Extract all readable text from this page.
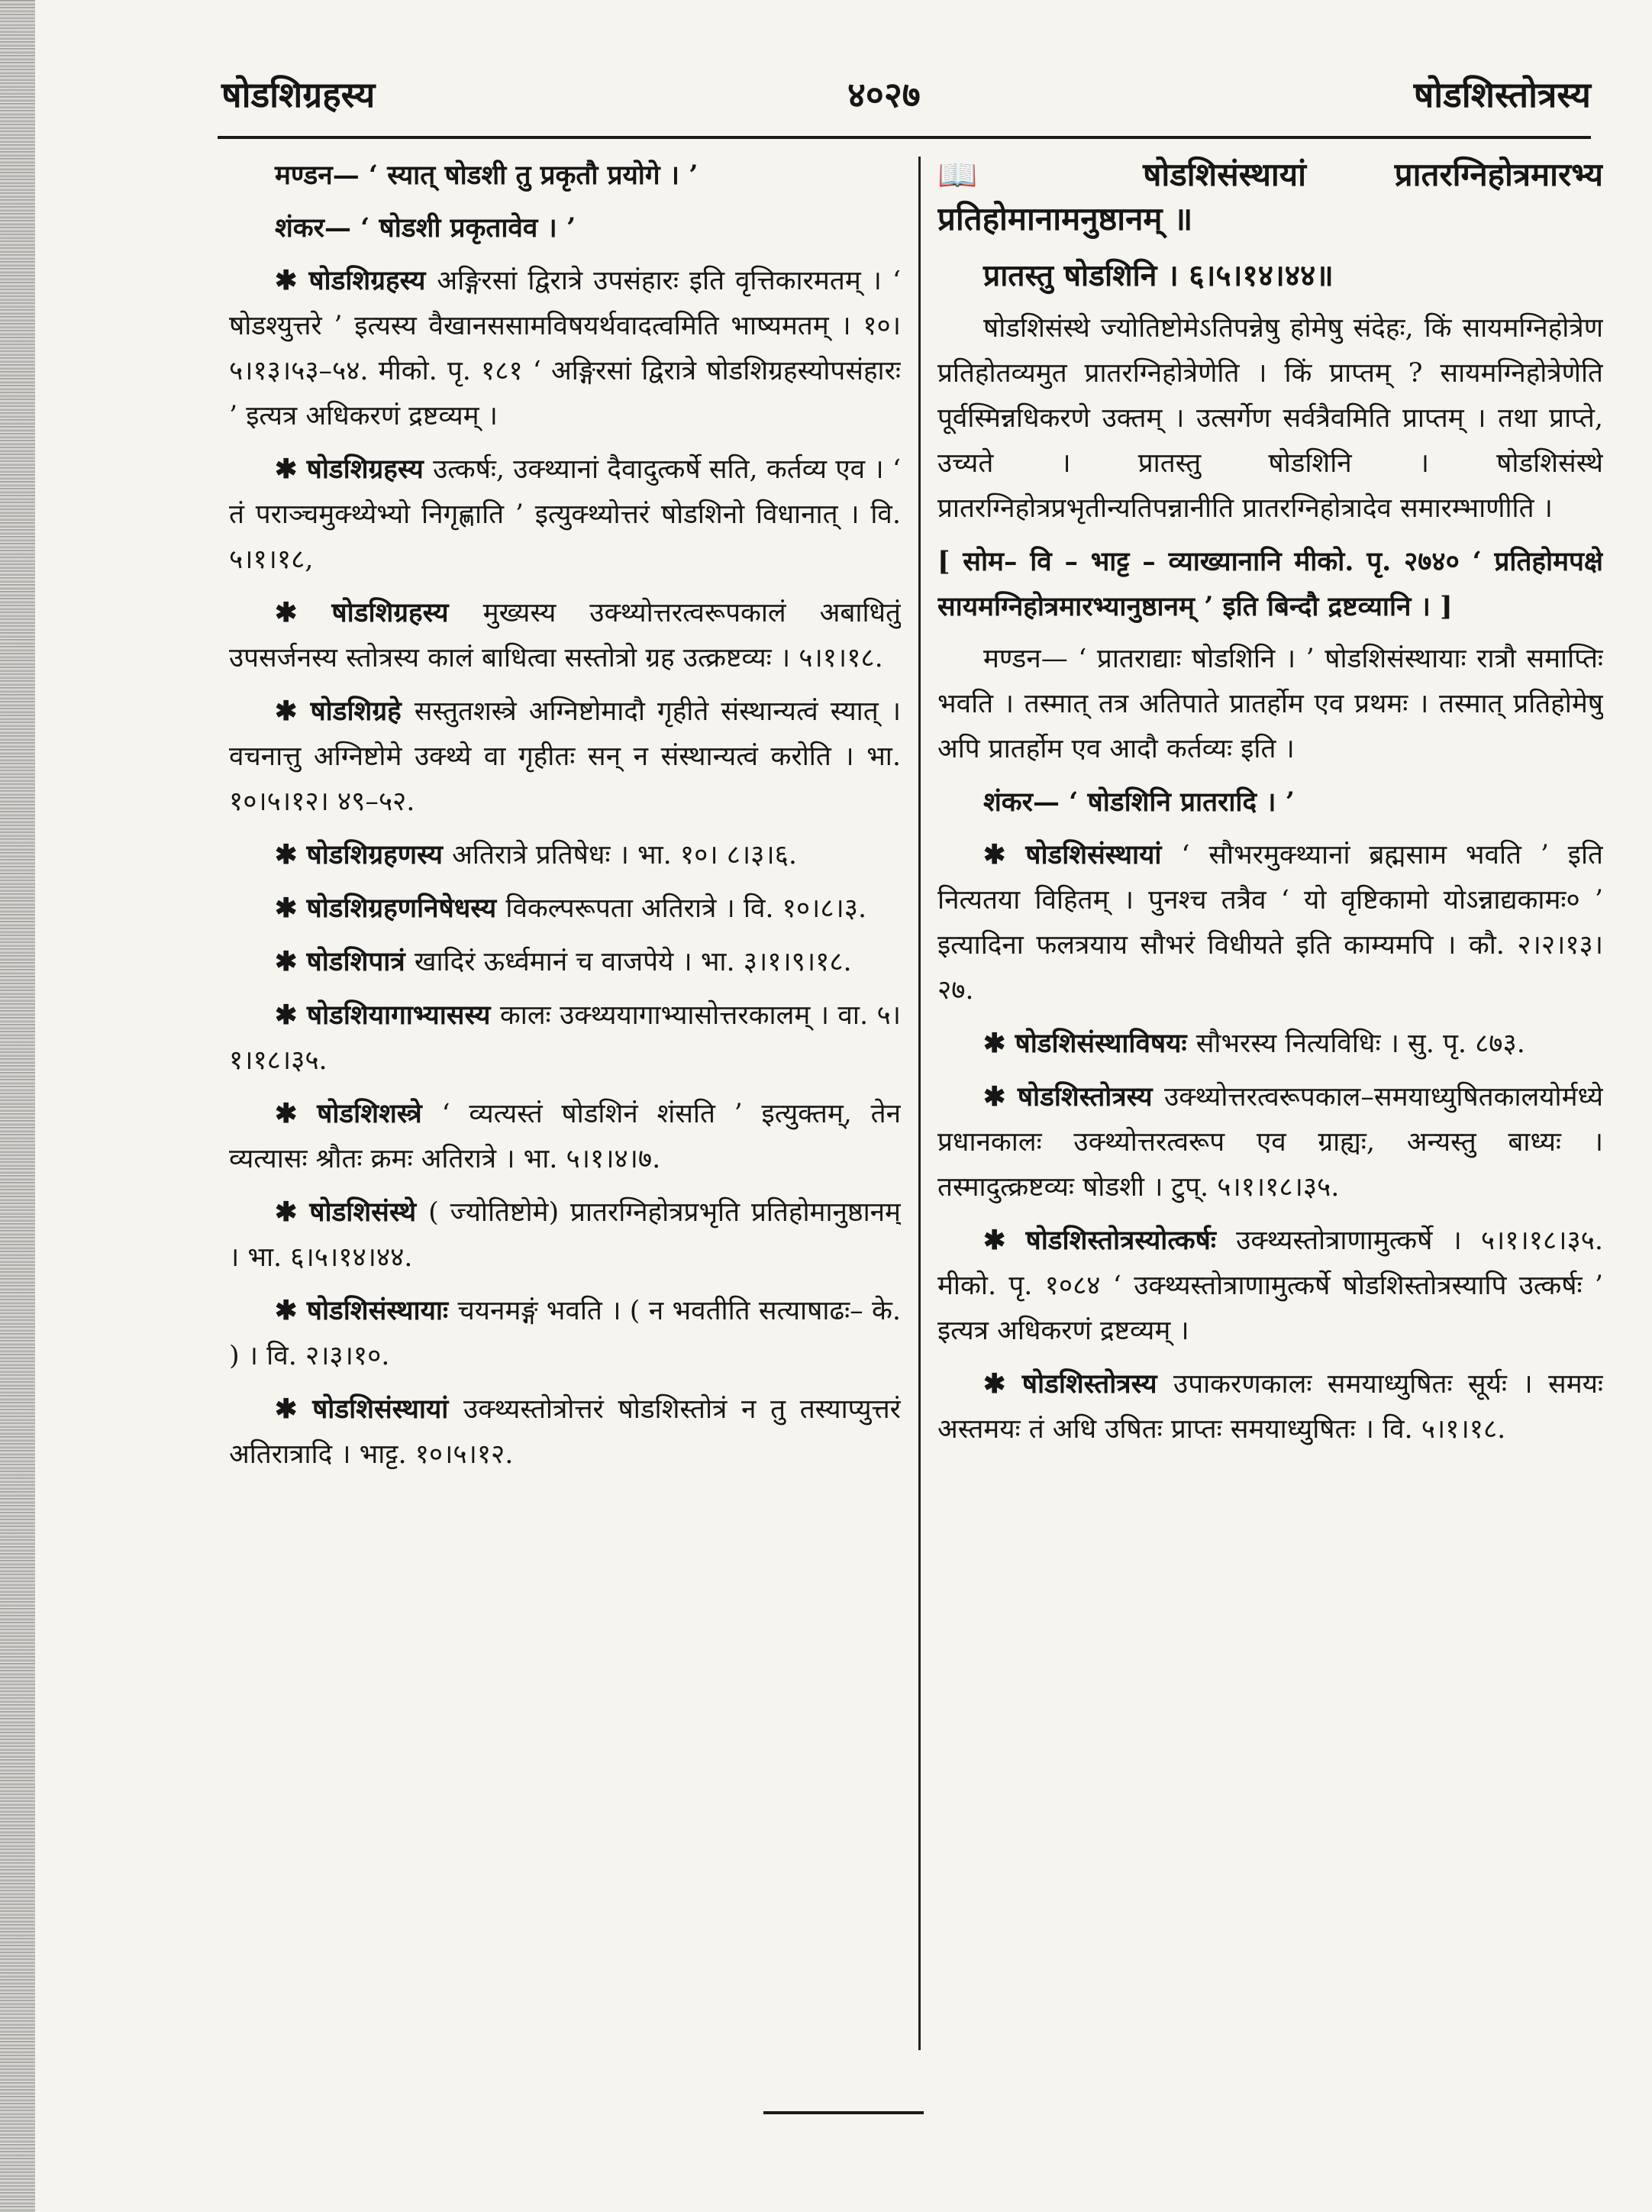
षोडशिग्रहस्य	४०२७	षोडशिस्तोत्रस्य

मण्डन— ‘ स्यात् षोडशी तु प्रकृतौ प्रयोगे । ’

शंकर— ‘ षोडशी प्रकृतावेव । ’

✱ षोडशिग्रहस्य अङ्गिरसां द्विरात्रे उपसंहारः इति वृत्तिकारमतम् । ‘ षोडश्युत्तरे ’ इत्यस्य वैखानससामविषयर्थवादत्वमिति भाष्यमतम् । १०।५।१३।५३–५४. मीको. पृ. १८१ ‘ अङ्गिरसां द्विरात्रे षोडशिग्रहस्योपसंहारः ’ इत्यत्र अधिकरणं द्रष्टव्यम् ।

✱ षोडशिग्रहस्य उत्कर्षः, उक्थ्यानां दैवादुत्कर्षे सति, कर्तव्य एव । ‘ तं पराञ्चमुक्थ्येभ्यो निगृह्णाति ’ इत्युक्थ्योत्तरं षोडशिनो विधानात् । वि. ५।१।१८,

✱ षोडशिग्रहस्य मुख्यस्य उक्थ्योत्तरत्वरूपकालं अबाधितुं उपसर्जनस्य स्तोत्रस्य कालं बाधित्वा सस्तोत्रो ग्रह उत्क्रष्टव्यः । ५।१।१८.

✱ षोडशिग्रहे सस्तुतशस्त्रे अग्निष्टोमादौ गृहीते संस्थान्यत्वं स्यात् । वचनात्तु अग्निष्टोमे उक्थ्ये वा गृहीतः सन् न संस्थान्यत्वं करोति । भा. १०।५।१२। ४९–५२.

✱ षोडशिग्रहणस्य अतिरात्रे प्रतिषेधः । भा. १०। ८।३।६.

✱ षोडशिग्रहणनिषेधस्य विकल्परूपता अतिरात्रे । वि. १०।८।३.

✱ षोडशिपात्रं खादिरं ऊर्ध्वमानं च वाजपेये । भा. ३।१।९।१८.

✱ षोडशियागाभ्यासस्य कालः उक्थ्ययागाभ्यासोत्तरकालम् । वा. ५।१।१८।३५.

✱ षोडशिशस्त्रे ‘ व्यत्यस्तं षोडशिनं शंसति ’ इत्युक्तम्, तेन व्यत्यासः श्रौतः क्रमः अतिरात्रे । भा. ५।१।४।७.

✱ षोडशिसंस्थे ( ज्योतिष्टोमे) प्रातरग्निहोत्रप्रभृति प्रतिहोमानुष्ठानम् । भा. ६।५।१४।४४.

✱ षोडशिसंस्थायाः चयनमङ्गं भवति । ( न भवतीति सत्याषाढः– के. ) । वि. २।३।१०.

✱ षोडशिसंस्थायां उक्थ्यस्तोत्रोत्तरं षोडशिस्तोत्रं न तु तस्याप्युत्तरं अतिरात्रादि । भाट्ट. १०।५।१२.

📖	षोडशिसंस्थायां प्रातरग्निहोत्रमारभ्य प्रतिहोमानामनुष्ठानम् ॥

प्रातस्तु षोडशिनि । ६।५।१४।४४॥

षोडशिसंस्थे ज्योतिष्टोमेऽतिपन्नेषु होमेषु संदेहः, किं सायमग्निहोत्रेण प्रतिहोतव्यमुत प्रातरग्निहोत्रेणेति । किं प्राप्तम् ? सायमग्निहोत्रेणेति पूर्वस्मिन्नधिकरणे उक्तम् । उत्सर्गेण सर्वत्रैवमिति प्राप्तम् । तथा प्राप्ते, उच्यते । प्रातस्तु षोडशिनि । षोडशिसंस्थे प्रातरग्निहोत्रप्रभृतीन्यतिपन्नानीति प्रातरग्निहोत्रादेव समारम्भाणीति ।

[ सोम– वि – भाट्ट – व्याख्यानानि मीको. पृ. २७४० ‘ प्रतिहोमपक्षे सायमग्निहोत्रमारभ्यानुष्ठानम् ’ इति बिन्दौ द्रष्टव्यानि । ]

मण्डन— ‘ प्रातराद्याः षोडशिनि । ’ षोडशिसंस्थायाः रात्रौ समाप्तिः भवति । तस्मात् तत्र अतिपाते प्रातर्होम एव प्रथमः । तस्मात् प्रतिहोमेषु अपि प्रातर्होम एव आदौ कर्तव्यः इति ।

शंकर— ‘ षोडशिनि प्रातरादि । ’

✱ षोडशिसंस्थायां ‘ सौभरमुक्थ्यानां ब्रह्मसाम भवति ’ इति नित्यतया विहितम् । पुनश्च तत्रैव ‘ यो वृष्टिकामो योऽन्नाद्यकामः० ’ इत्यादिना फलत्रयाय सौभरं विधीयते इति काम्यमपि । कौ. २।२।१३।२७.

✱ षोडशिसंस्थाविषयः सौभरस्य नित्यविधिः । सु. पृ. ८७३.

✱ षोडशिस्तोत्रस्य उक्थ्योत्तरत्वरूपकाल–समयाध्युषितकालयोर्मध्ये प्रधानकालः उक्थ्योत्तरत्वरूप एव ग्राह्यः, अन्यस्तु बाध्यः । तस्मादुत्क्रष्टव्यः षोडशी । टुप्. ५।१।१८।३५.

✱ षोडशिस्तोत्रस्योत्कर्षः उक्थ्यस्तोत्राणामुत्कर्षे । ५।१।१८।३५. मीको. पृ. १०८४ ‘ उक्थ्यस्तोत्राणामुत्कर्षे षोडशिस्तोत्रस्यापि उत्कर्षः ’ इत्यत्र अधिकरणं द्रष्टव्यम् ।

✱ षोडशिस्तोत्रस्य उपाकरणकालः समयाध्युषितः सूर्यः । समयः अस्तमयः तं अधि उषितः प्राप्तः समयाध्युषितः । वि. ५।१।१८.
